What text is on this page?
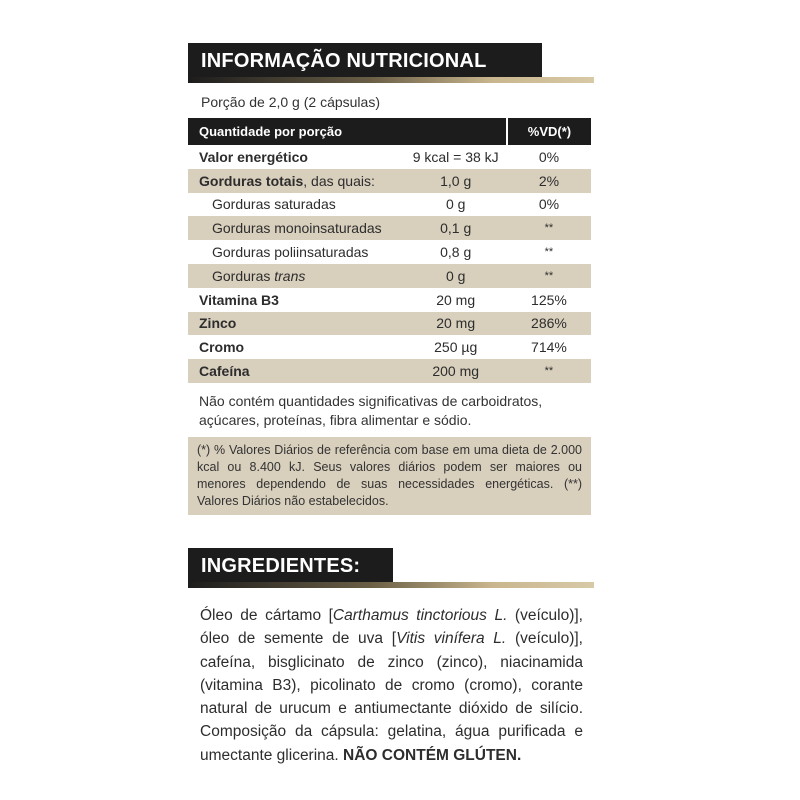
INFORMAÇÃO NUTRICIONAL
Porção de 2,0 g (2 cápsulas)
Quantidade por porção		%VD(*)
Valor energético	9 kcal = 38 kJ	0%
Gorduras totais, das quais:	1,0 g	2%
Gorduras saturadas	0 g	0%
Gorduras monoinsaturadas	0,1 g	**
Gorduras poliinsaturadas	0,8 g	**
Gorduras trans	0 g	**
Vitamina B3	20 mg	125%
Zinco	20 mg	286%
Cromo	250 µg	714%
Cafeína	200 mg	**
Não contém quantidades significativas de carboidratos, açúcares, proteínas, fibra alimentar e sódio.
(*) % Valores Diários de referência com base em uma dieta de 2.000 kcal ou 8.400 kJ. Seus valores diários podem ser maiores ou menores dependendo de suas necessidades energéticas. (**) Valores Diários não estabelecidos.
INGREDIENTES:
Óleo de cártamo [Carthamus tinctorious L. (veículo)], óleo de semente de uva [Vitis vinífera L. (veículo)], cafeína, bisglicinato de zinco (zinco), niacinamida (vitamina B3), picolinato de cromo (cromo), corante natural de urucum e antiumectante dióxido de silício. Composição da cápsula: gelatina, água purificada e umectante glicerina. NÃO CONTÉM GLÚTEN.
